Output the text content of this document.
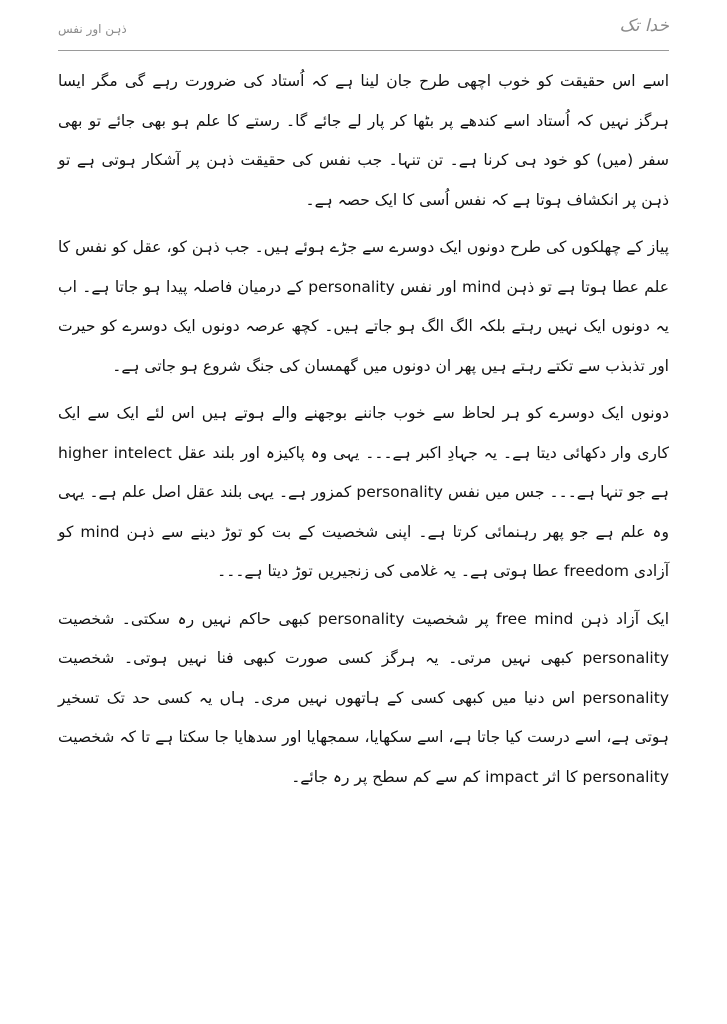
خدا تک
ذہن اور نفس

اسے اس حقیقت کو خوب اچھی طرح جان لینا ہے کہ اُستاد کی ضرورت رہے گی مگر ایسا ہرگز نہیں کہ اُستاد اسے کندھے پر بٹھا کر پار لے جائے گا۔ رستے کا علم ہو بھی جائے تو بھی سفر (میں) کو خود ہی کرنا ہے۔ تن تنہا۔ جب نفس کی حقیقت ذہن پر آشکار ہوتی ہے تو ذہن پر انکشاف ہوتا ہے کہ نفس اُسی کا ایک حصہ ہے۔

پیاز کے چھلکوں کی طرح دونوں ایک دوسرے سے جڑے ہوئے ہیں۔ جب ذہن کو، عقل کو نفس کا علم عطا ہوتا ہے تو ذہن mind اور نفس personality کے درمیان فاصلہ پیدا ہو جاتا ہے۔ اب یہ دونوں ایک نہیں رہتے بلکہ الگ الگ ہو جاتے ہیں۔ کچھ عرصہ دونوں ایک دوسرے کو حیرت اور تذبذب سے تکتے رہتے ہیں پھر ان دونوں میں گھمسان کی جنگ شروع ہو جاتی ہے۔

دونوں ایک دوسرے کو ہر لحاظ سے خوب جاننے بوجھنے والے ہوتے ہیں اس لئے ایک سے ایک کاری وار دکھائی دیتا ہے۔ یہ جہادِ اکبر ہے۔۔۔ یہی وہ پاکیزہ اور بلند عقل higher intelect ہے جو تنہا ہے۔۔۔ جس میں نفس personality کمزور ہے۔ یہی بلند عقل اصل علم ہے۔ یہی وہ علم ہے جو پھر رہنمائی کرتا ہے۔ اپنی شخصیت کے بت کو توڑ دینے سے ذہن mind کو آزادی freedom عطا ہوتی ہے۔ یہ غلامی کی زنجیریں توڑ دیتا ہے۔۔۔

ایک آزاد ذہن free mind پر شخصیت personality کبھی حاکم نہیں رہ سکتی۔ شخصیت personality کبھی نہیں مرتی۔ یہ ہرگز کسی صورت کبھی فنا نہیں ہوتی۔ شخصیت personality اس دنیا میں کبھی کسی کے ہاتھوں نہیں مری۔ ہاں یہ کسی حد تک تسخیر ہوتی ہے، اسے درست کیا جاتا ہے، اسے سکھایا، سمجھایا اور سدھایا جا سکتا ہے تا کہ شخصیت personality کا اثر impact کم سے کم سطح پر رہ جائے۔
